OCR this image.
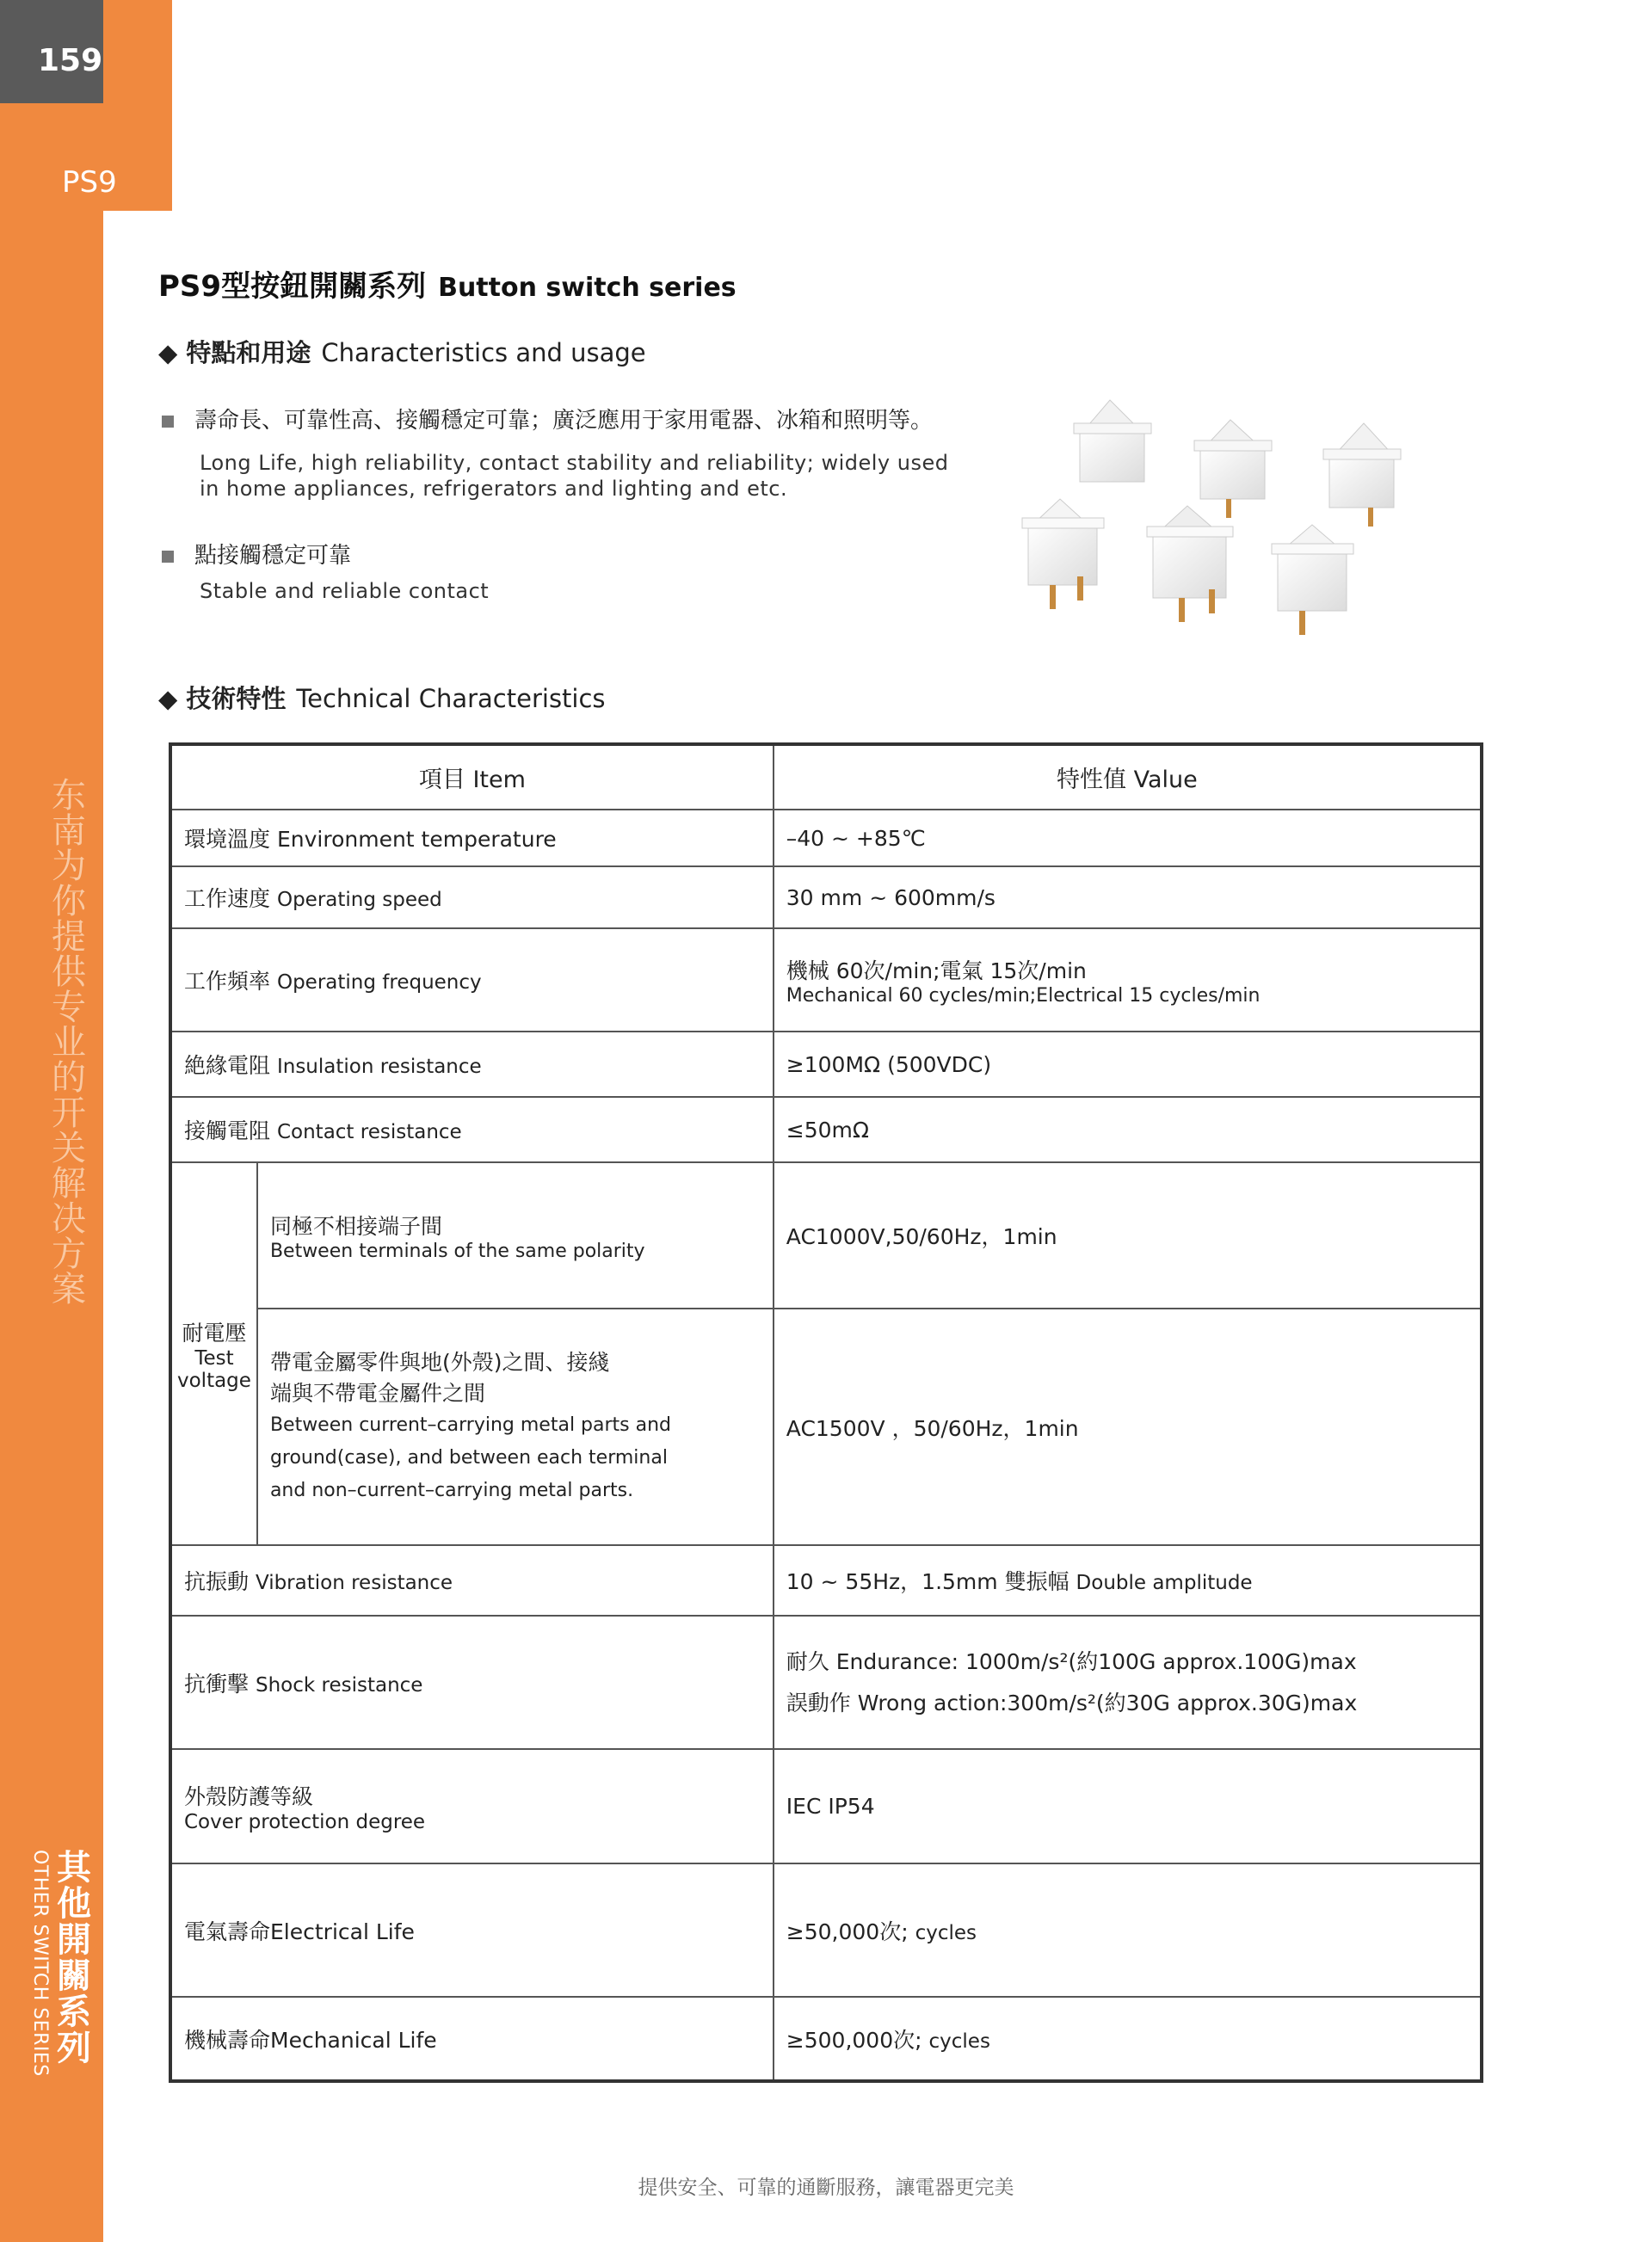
159
PS9
东
南
为
你
提
供
专
业
的
开
关
解
决
方
案
OTHER SWITCH SERIES 其
他
開
關
系
列
PS9型按鈕開關系列 Button switch series
◆ 特點和用途 Characteristics and usage
壽命長、可靠性高、接觸穩定可靠；廣泛應用于家用電器、冰箱和照明等。
Long Life, high reliability, contact stability and reliability; widely used
in home appliances, refrigerators and lighting and etc.
點接觸穩定可靠
Stable and reliable contact
◆ 技術特性 Technical Characteristics
項目 Item		特性值 Value
環境溫度 Environment temperature		–40 ~ +85℃
工作速度 Operating speed		30 mm ~ 600mm/s
工作頻率 Operating frequency		機械 60次/min;電氣 15次/min
Mechanical 60 cycles/min;Electrical 15 cycles/min

絶緣電阻 Insulation resistance		≥100MΩ (500VDC)
接觸電阻 Contact resistance		≤50mΩ

耐電壓
Test
voltage	同極不相接端子間
Between terminals of the same polarity	AC1000V,50/60Hz，1min

	帶電金屬零件與地(外殼)之間、接綫
端與不帶電金屬件之間
Between current–carrying metal parts and
ground(case), and between each terminal
and non–current–carrying metal parts.	AC1500V ，50/60Hz，1min
抗振動 Vibration resistance		10 ~ 55Hz，1.5mm 雙振幅 Double amplitude
抗衝擊 Shock resistance		耐久 Endurance: 1000m/s²(約100G approx.100G)max
誤動作 Wrong action:300m/s²(約30G approx.30G)max

外殼防護等級
Cover protection degree		IEC IP54
電氣壽命Electrical Life		≥50,000次; cycles
機械壽命Mechanical Life		≥500,000次; cycles
提供安全、可靠的通斷服務，讓電器更完美
